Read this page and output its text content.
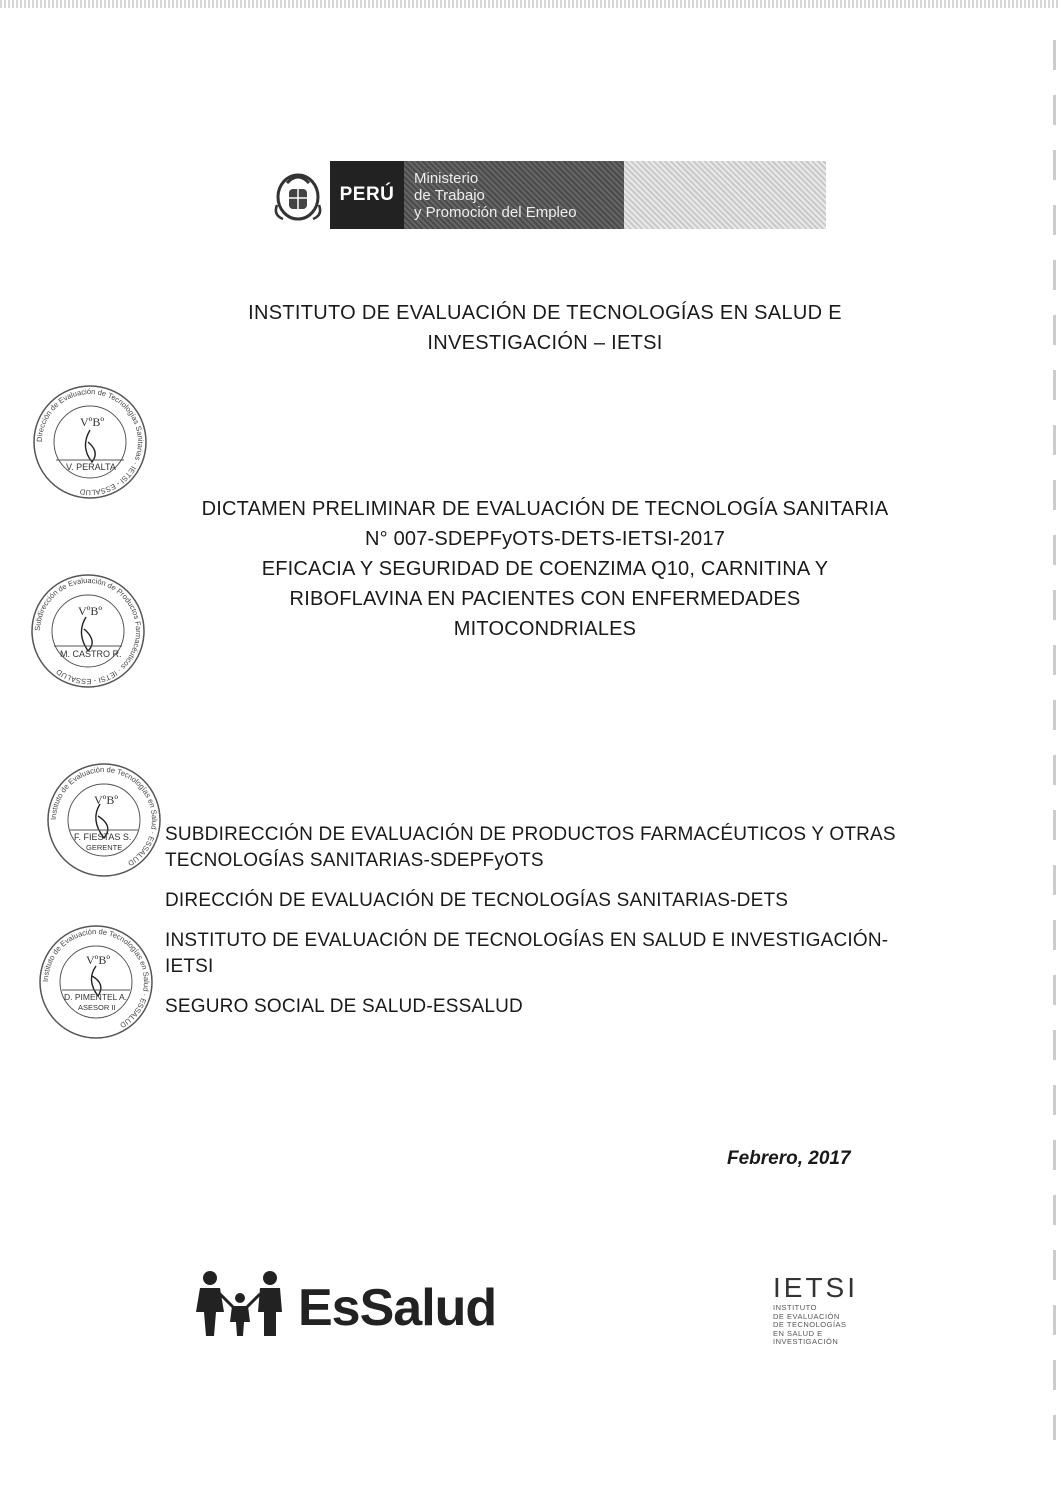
PERÚ
Ministerio
de Trabajo
y Promoción del Empleo
INSTITUTO DE EVALUACIÓN DE TECNOLOGÍAS EN SALUD E
INVESTIGACIÓN – IETSI
Dirección de Evaluación de Tecnologías Sanitarias · IETSI - ESSALUD
VºBº
V. PERALTA
Subdirección de Evaluación de Productos Farmacéuticos · IETSI - ESSALUD
VºBº
M. CASTRO R.
Instituto de Evaluación de Tecnologías en Salud · ESSALUD
VºBº
F. FIESTAS S.
GERENTE
Instituto de Evaluación de Tecnologías en Salud · ESSALUD
VºBº
D. PIMENTEL A.
ASESOR II
DICTAMEN PRELIMINAR DE EVALUACIÓN DE TECNOLOGÍA SANITARIA
N° 007-SDEPFyOTS-DETS-IETSI-2017
EFICACIA Y SEGURIDAD DE COENZIMA Q10, CARNITINA Y
RIBOFLAVINA EN PACIENTES CON ENFERMEDADES
MITOCONDRIALES
SUBDIRECCIÓN DE EVALUACIÓN DE PRODUCTOS FARMACÉUTICOS Y OTRAS
TECNOLOGÍAS SANITARIAS-SDEPFyOTS
DIRECCIÓN DE EVALUACIÓN DE TECNOLOGÍAS SANITARIAS-DETS
INSTITUTO DE EVALUACIÓN DE TECNOLOGÍAS EN SALUD E INVESTIGACIÓN-
IETSI
SEGURO SOCIAL DE SALUD-ESSALUD
Febrero, 2017
EsSalud	IETSI
INSTITUTO
DE EVALUACIÓN
DE TECNOLOGÍAS
EN SALUD E
INVESTIGACIÓN
